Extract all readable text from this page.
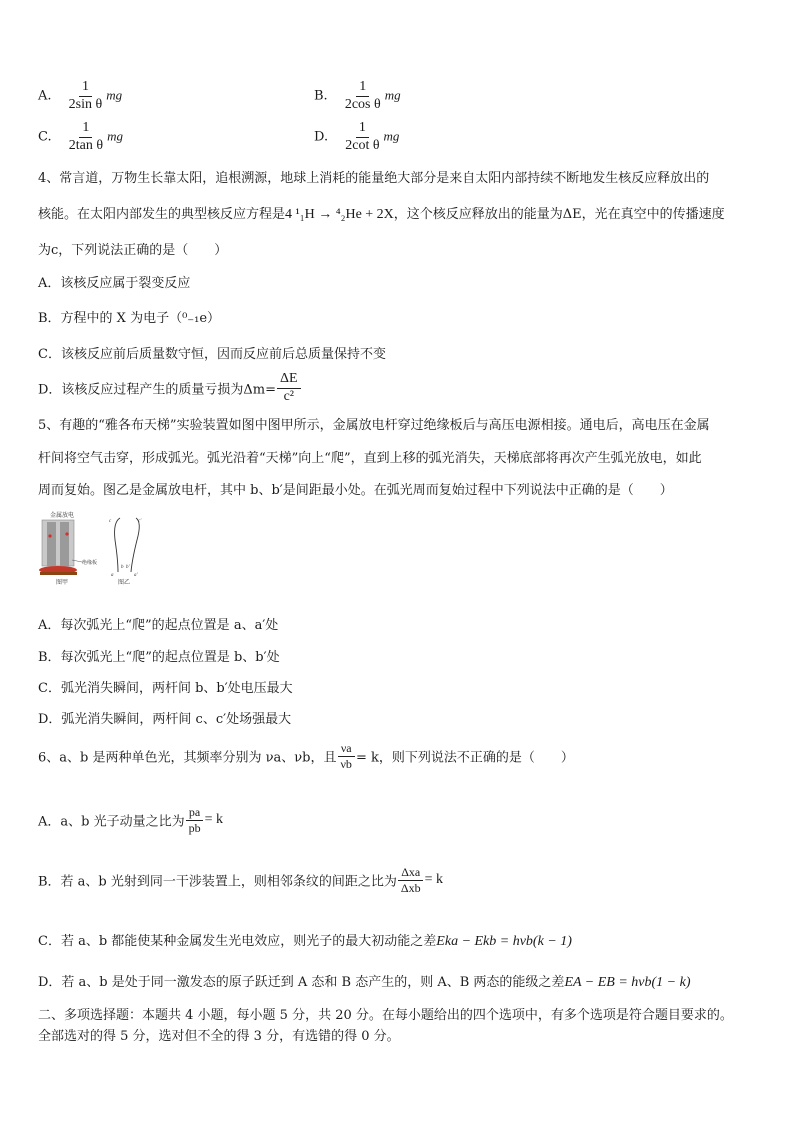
A. $\frac{1}{\text{2sin θ}}$ mg	B. $\frac{1}{\text{2cos θ}}$ mg
C. $\frac{1}{\text{2tan θ}}$ mg	D. $\frac{1}{\text{2cot θ}}$ mg
4、常言道，万物生长靠太阳，追根溯源，地球上消耗的能量绝大部分是来自太阳内部持续不断地发生核反应释放出的
核能。在太阳内部发生的典型核反应方程是4 ¹₁H → ⁴₂He + 2X，这个核反应释放出的能量为ΔE，光在真空中的传播速度
为c，下列说法正确的是（　　）
A．该核反应属于裂变反应
B．方程中的 X 为电子（⁰₋₁e）
C．该核反应前后质量数守恒，因而反应前后总质量保持不变
D．该核反应过程产生的质量亏损为$\Delta m= \frac{\Delta E}{\text{c²}}$
5、有趣的“雅各布天梯”实验装置如图中图甲所示，金属放电杆穿过绝缘板后与高压电源相接。通电后，高电压在金属
杆间将空气击穿，形成弧光。弧光沿着“天梯”向上“爬”，直到上移的弧光消失，天梯底部将再次产生弧光放电，如此
周而复始。图乙是金属放电杆，其中 b、b′是间距最小处。在弧光周而复始过程中下列说法中正确的是（　　）
金属放电
绝缘板
图甲
c	c′
b b′
a	a′
图乙
A．每次弧光上“爬”的起点位置是 a、a′处
B．每次弧光上“爬”的起点位置是 b、b′处
C．弧光消失瞬间，两杆间 b、b′处电压最大
D．弧光消失瞬间，两杆间 c、c′处场强最大
6、a、b 是两种单色光，其频率分别为 νa、νb，且 $\frac{\nu a}{\nu b} = k$，则下列说法不正确的是（　　）
A．a、b 光子动量之比为 $\frac{pa}{pb} = k$
B．若 a、b 光射到同一干涉装置上，则相邻条纹的间距之比为 $\frac{\text{Δxa}}{\text{Δxb}} = k$
C．若 a、b 都能使某种金属发生光电效应，则光子的最大初动能之差Eka − Ekb = hνb(k − 1)
D．若 a、b 是处于同一激发态的原子跃迁到 A 态和 B 态产生的，则 A、B 两态的能级之差EA − EB = hνb(1 − k)
二、多项选择题：本题共 4 小题，每小题 5 分，共 20 分。在每小题给出的四个选项中，有多个选项是符合题目要求的。
全部选对的得 5 分，选对但不全的得 3 分，有选错的得 0 分。
